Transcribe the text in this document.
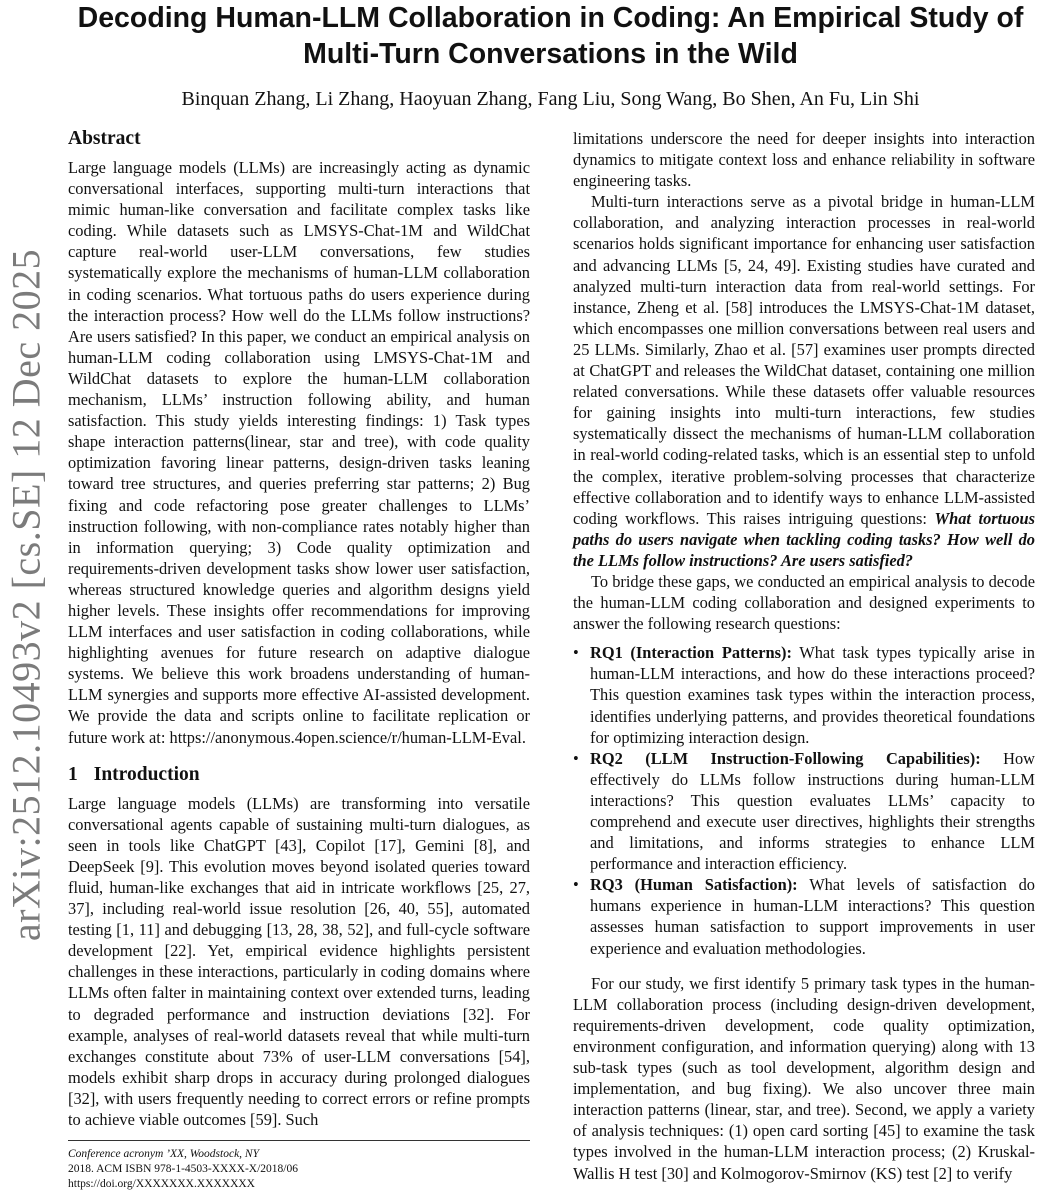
arXiv:2512.10493v2 [cs.SE] 12 Dec 2025
Decoding Human-LLM Collaboration in Coding: An Empirical Study of Multi-Turn Conversations in the Wild

Binquan Zhang, Li Zhang, Haoyuan Zhang, Fang Liu, Song Wang, Bo Shen, An Fu, Lin Shi

Abstract

Large language models (LLMs) are increasingly acting as dynamic conversational interfaces, supporting multi-turn interactions that mimic human-like conversation and facilitate complex tasks like coding. While datasets such as LMSYS-Chat-1M and WildChat capture real-world user-LLM conversations, few studies systematically explore the mechanisms of human-LLM collaboration in coding scenarios. What tortuous paths do users experience during the interaction process? How well do the LLMs follow instructions? Are users satisfied? In this paper, we conduct an empirical analysis on human-LLM coding collaboration using LMSYS-Chat-1M and WildChat datasets to explore the human-LLM collaboration mechanism, LLMs’ instruction following ability, and human satisfaction. This study yields interesting findings: 1) Task types shape interaction patterns(linear, star and tree), with code quality optimization favoring linear patterns, design-driven tasks leaning toward tree structures, and queries preferring star patterns; 2) Bug fixing and code refactoring pose greater challenges to LLMs’ instruction following, with non-compliance rates notably higher than in information querying; 3) Code quality optimization and requirements-driven development tasks show lower user satisfaction, whereas structured knowledge queries and algorithm designs yield higher levels. These insights offer recommendations for improving LLM interfaces and user satisfaction in coding collaborations, while highlighting avenues for future research on adaptive dialogue systems. We believe this work broadens understanding of human-LLM synergies and supports more effective AI-assisted development. We provide the data and scripts online to facilitate replication or future work at: https://anonymous.4open.science/r/human-LLM-Eval.

1 Introduction

Large language models (LLMs) are transforming into versatile conversational agents capable of sustaining multi-turn dialogues, as seen in tools like ChatGPT [43], Copilot [17], Gemini [8], and DeepSeek [9]. This evolution moves beyond isolated queries toward fluid, human-like exchanges that aid in intricate workflows [25, 27, 37], including real-world issue resolution [26, 40, 55], automated testing [1, 11] and debugging [13, 28, 38, 52], and full-cycle software development [22]. Yet, empirical evidence highlights persistent challenges in these interactions, particularly in coding domains where LLMs often falter in maintaining context over extended turns, leading to degraded performance and instruction deviations [32]. For example, analyses of real-world datasets reveal that while multi-turn exchanges constitute about 73% of user-LLM conversations [54], models exhibit sharp drops in accuracy during prolonged dialogues [32], with users frequently needing to correct errors or refine prompts to achieve viable outcomes [59]. Such

limitations underscore the need for deeper insights into interaction dynamics to mitigate context loss and enhance reliability in software engineering tasks.

Multi-turn interactions serve as a pivotal bridge in human-LLM collaboration, and analyzing interaction processes in real-world scenarios holds significant importance for enhancing user satisfaction and advancing LLMs [5, 24, 49]. Existing studies have curated and analyzed multi-turn interaction data from real-world settings. For instance, Zheng et al. [58] introduces the LMSYS-Chat-1M dataset, which encompasses one million conversations between real users and 25 LLMs. Similarly, Zhao et al. [57] examines user prompts directed at ChatGPT and releases the WildChat dataset, containing one million related conversations. While these datasets offer valuable resources for gaining insights into multi-turn interactions, few studies systematically dissect the mechanisms of human-LLM collaboration in real-world coding-related tasks, which is an essential step to unfold the complex, iterative problem-solving processes that characterize effective collaboration and to identify ways to enhance LLM-assisted coding workflows. This raises intriguing questions: What tortuous paths do users navigate when tackling coding tasks? How well do the LLMs follow instructions? Are users satisfied?

To bridge these gaps, we conducted an empirical analysis to decode the human-LLM coding collaboration and designed experiments to answer the following research questions:

• RQ1 (Interaction Patterns): What task types typically arise in human-LLM interactions, and how do these interactions proceed? This question examines task types within the interaction process, identifies underlying patterns, and provides theoretical foundations for optimizing interaction design.
• RQ2 (LLM Instruction-Following Capabilities): How effectively do LLMs follow instructions during human-LLM interactions? This question evaluates LLMs’ capacity to comprehend and execute user directives, highlights their strengths and limitations, and informs strategies to enhance LLM performance and interaction efficiency.
• RQ3 (Human Satisfaction): What levels of satisfaction do humans experience in human-LLM interactions? This question assesses human satisfaction to support improvements in user experience and evaluation methodologies.

For our study, we first identify 5 primary task types in the human-LLM collaboration process (including design-driven development, requirements-driven development, code quality optimization, environment configuration, and information querying) along with 13 sub-task types (such as tool development, algorithm design and implementation, and bug fixing). We also uncover three main interaction patterns (linear, star, and tree). Second, we apply a variety of analysis techniques: (1) open card sorting [45] to examine the task types involved in the human-LLM interaction process; (2) Kruskal-Wallis H test [30] and Kolmogorov-Smirnov (KS) test [2] to verify

Conference acronym ’XX, Woodstock, NY
2018. ACM ISBN 978-1-4503-XXXX-X/2018/06
https://doi.org/XXXXXXX.XXXXXXX
